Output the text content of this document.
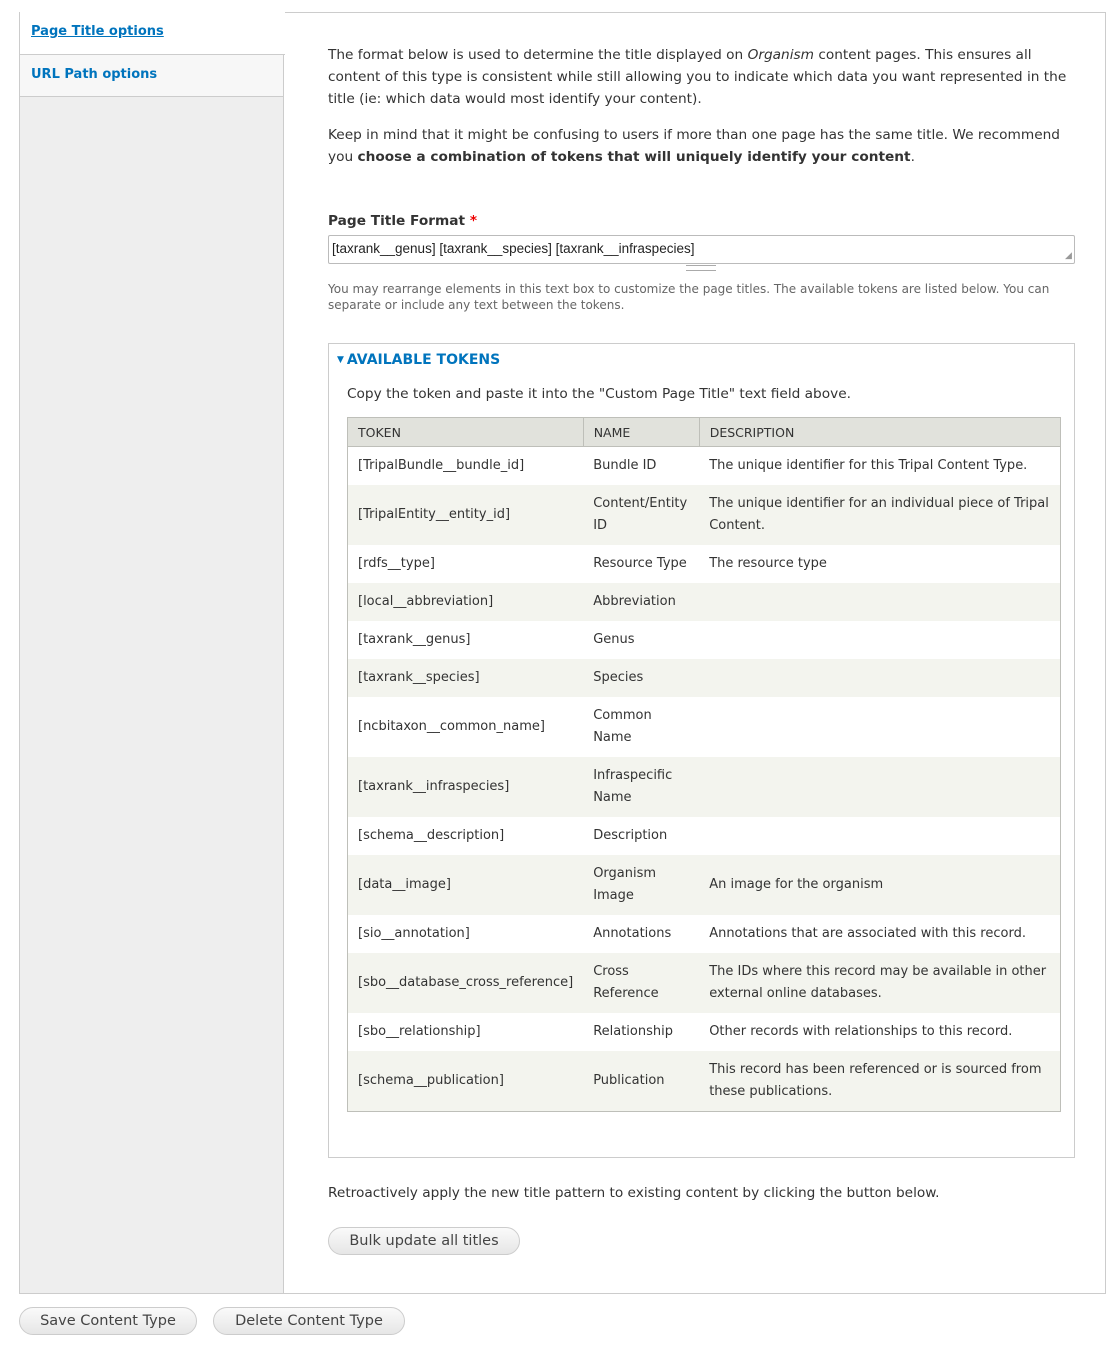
Page Title options
URL Path options

The format below is used to determine the title displayed on Organism content pages. This ensures all content of this type is consistent while still allowing you to indicate which data you want represented in the title (ie: which data would most identify your content).

Keep in mind that it might be confusing to users if more than one page has the same title. We recommend you choose a combination of tokens that will uniquely identify your content.

Page Title Format *
[taxrank__genus] [taxrank__species] [taxrank__infraspecies]	◢

You may rearrange elements in this text box to customize the page titles. The available tokens are listed below. You can separate or include any text between the tokens.

▼ AVAILABLE TOKENS
Copy the token and paste it into the "Custom Page Title" text field above.
TOKEN	NAME	DESCRIPTION
[TripalBundle__bundle_id]	Bundle ID	The unique identifier for this Tripal Content Type.
[TripalEntity__entity_id]	Content/Entity ID	The unique identifier for an individual piece of Tripal Content.
[rdfs__type]	Resource Type	The resource type
[local__abbreviation]	Abbreviation	
[taxrank__genus]	Genus	
[taxrank__species]	Species	
[ncbitaxon__common_name]	Common Name	
[taxrank__infraspecies]	Infraspecific Name	
[schema__description]	Description	
[data__image]	Organism Image	An image for the organism
[sio__annotation]	Annotations	Annotations that are associated with this record.
[sbo__database_cross_reference]	Cross Reference	The IDs where this record may be available in other external online databases.
[sbo__relationship]	Relationship	Other records with relationships to this record.
[schema__publication]	Publication	This record has been referenced or is sourced from these publications.
Retroactively apply the new title pattern to existing content by clicking the button below.
Bulk update all titles
Save Content Type	Delete Content Type
